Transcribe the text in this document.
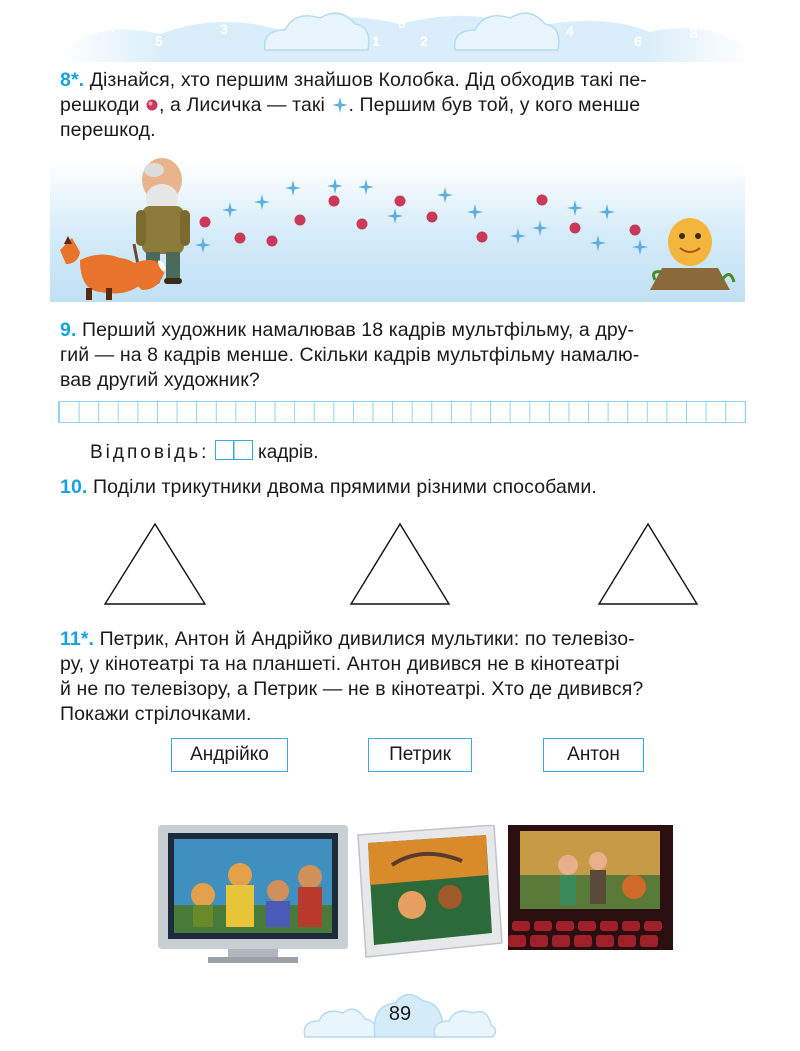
7
5
3
1
0
2
4
6	8
8*. Дізнайся, хто першим знайшов Колобка. Дід обходив такі пе-
решкоди , а Лисичка — такі . Першим був той, у кого менше
перешкод.
9. Перший художник намалював 18 кадрів мультфільму, а дру-
гий — на 8 кадрів менше. Скільки кадрів мультфільму намалю-
вав другий художник?
Відповідь:	кадрів.
10. Поділи трикутники двома прямими різними способами.
11*. Петрик, Антон й Андрійко дивилися мультики: по телевізо-
ру, у кінотеатрі та на планшеті. Антон дивився не в кінотеатрі
й не по телевізору, а Петрик — не в кінотеатрі. Хто де дивився?
Покажи стрілочками.
Андрійко	Петрик	Антон
89
